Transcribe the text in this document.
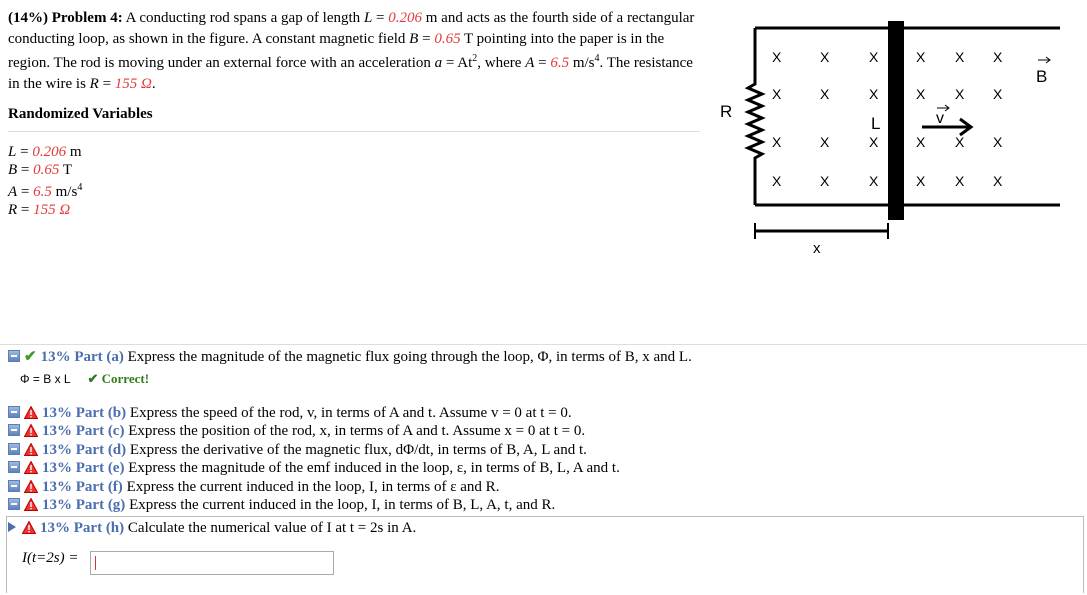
(14%) Problem 4: A conducting rod spans a gap of length L = 0.206 m and acts as the fourth side of a rectangular conducting loop, as shown in the figure. A constant magnetic field B = 0.65 T pointing into the paper is in the region. The rod is moving under an external force with an acceleration $a = At^2$, where A = 6.5 $m/s^4$. The resistance in the wire is R = 155 Ω.
Randomized Variables
L = 0.206 m
B = 0.65 T
A = 6.5 $m/s^4$
R = 155 Ω
R
L
X	X	X	X X X
X	X	X	X X X
X	X	X	X X X
X	X	X	X X X
v
B
x
✔ 13% Part (a) Express the magnitude of the magnetic flux going through the loop, Φ, in terms of B, x and L.
Φ = B x L ✔ Correct!
13% Part (b) Express the speed of the rod, v, in terms of A and t. Assume v = 0 at t = 0.
13% Part (c) Express the position of the rod, x, in terms of A and t. Assume x = 0 at t = 0.
13% Part (d) Express the derivative of the magnetic flux, dΦ/dt, in terms of B, A, L and t.
13% Part (e) Express the magnitude of the emf induced in the loop, ε, in terms of B, L, A and t.
13% Part (f) Express the current induced in the loop, I, in terms of ε and R.
13% Part (g) Express the current induced in the loop, I, in terms of B, L, A, t, and R.
13% Part (h) Calculate the numerical value of I at t = 2s in A.
I(t=2s) =
